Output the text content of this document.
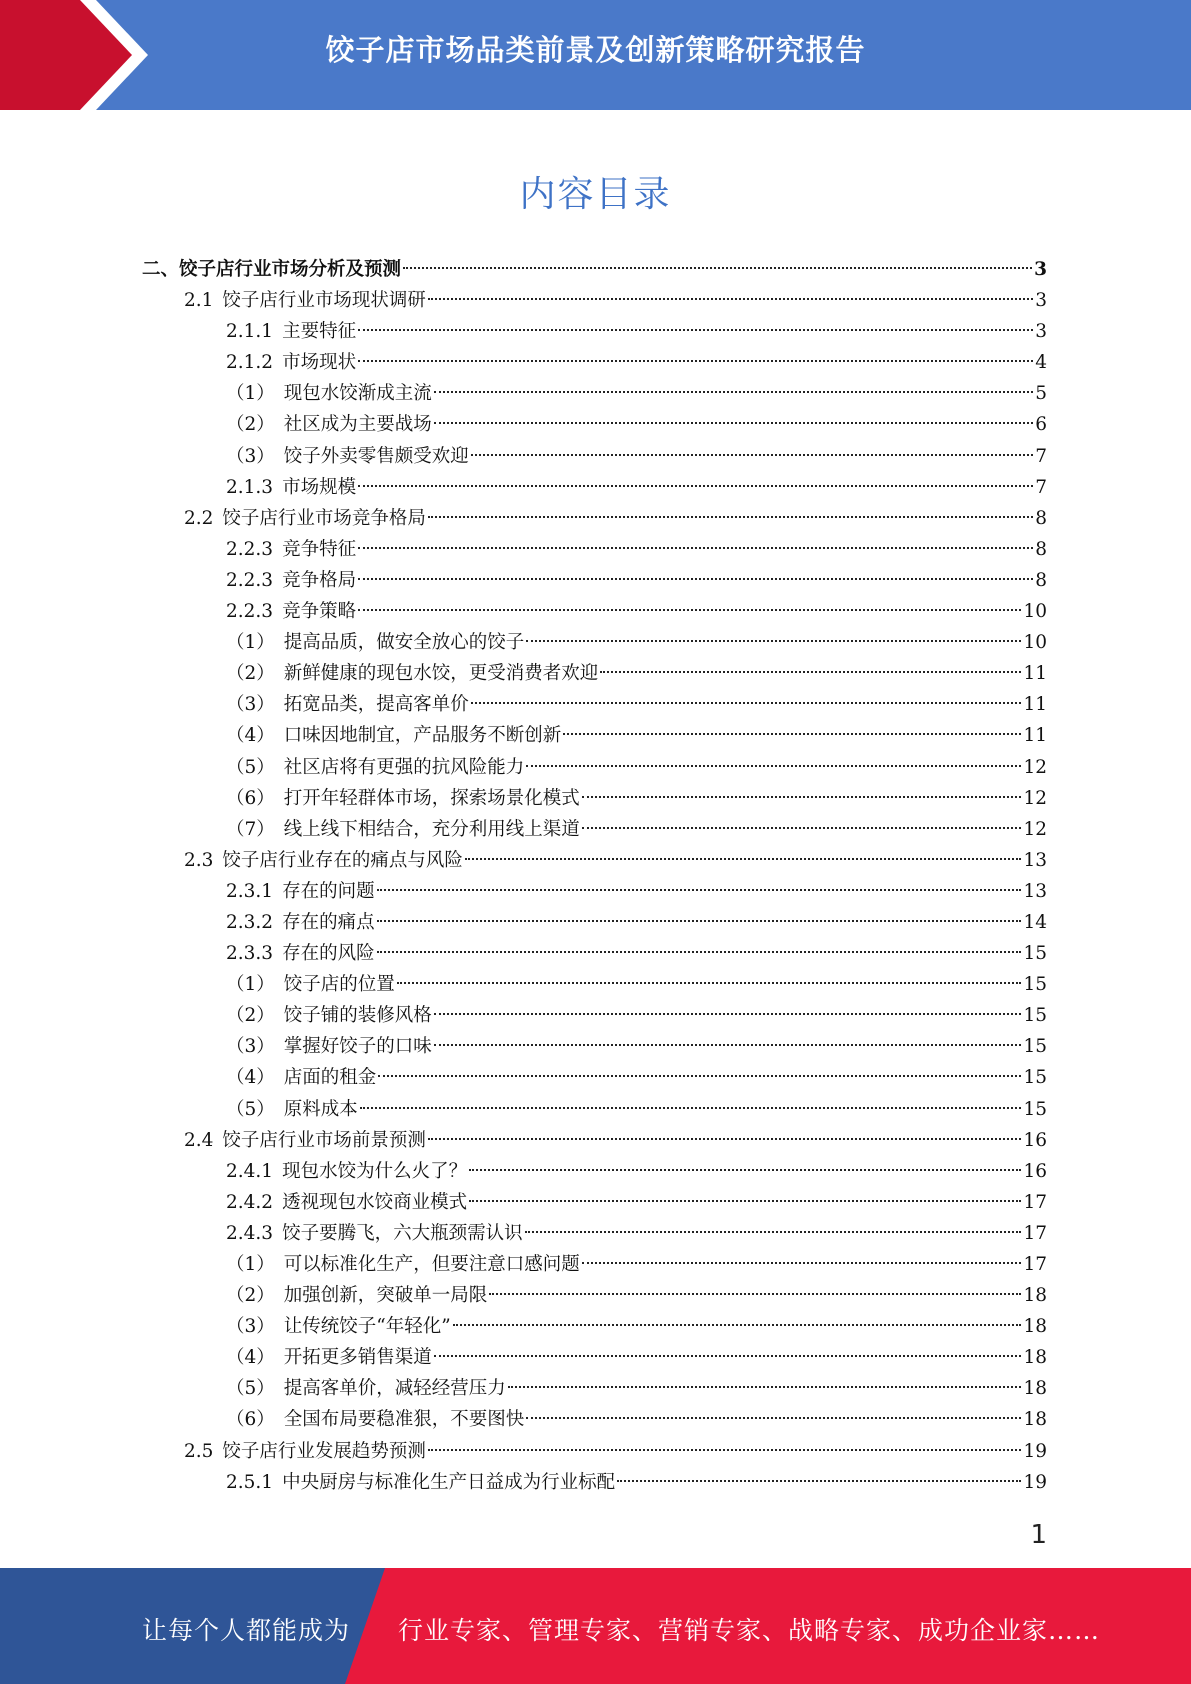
饺子店市场品类前景及创新策略研究报告
内容目录
二、饺子店行业市场分析及预测	3
2.1 饺子店行业市场现状调研	3
2.1.1 主要特征	3
2.1.2 市场现状	4
（1） 现包水饺渐成主流	5
（2） 社区成为主要战场	6
（3） 饺子外卖零售颇受欢迎	7
2.1.3 市场规模	7
2.2 饺子店行业市场竞争格局	8
2.2.3 竞争特征	8
2.2.3 竞争格局	8
2.2.3 竞争策略	10
（1） 提高品质，做安全放心的饺子	10
（2） 新鲜健康的现包水饺，更受消费者欢迎	11
（3） 拓宽品类，提高客单价	11
（4） 口味因地制宜，产品服务不断创新	11
（5） 社区店将有更强的抗风险能力	12
（6） 打开年轻群体市场，探索场景化模式	12
（7） 线上线下相结合，充分利用线上渠道	12
2.3 饺子店行业存在的痛点与风险	13
2.3.1 存在的问题	13
2.3.2 存在的痛点	14
2.3.3 存在的风险	15
（1） 饺子店的位置	15
（2） 饺子铺的装修风格	15
（3） 掌握好饺子的口味	15
（4） 店面的租金	15
（5） 原料成本	15
2.4 饺子店行业市场前景预测	16
2.4.1 现包水饺为什么火了？	16
2.4.2 透视现包水饺商业模式	17
2.4.3 饺子要腾飞，六大瓶颈需认识	17
（1） 可以标准化生产，但要注意口感问题	17
（2） 加强创新，突破单一局限	18
（3） 让传统饺子“年轻化”	18
（4） 开拓更多销售渠道	18
（5） 提高客单价，减轻经营压力	18
（6） 全国布局要稳准狠，不要图快	18
2.5 饺子店行业发展趋势预测	19
2.5.1 中央厨房与标准化生产日益成为行业标配	19
1
让每个人都能成为 行业专家、管理专家、营销专家、战略专家、成功企业家……
